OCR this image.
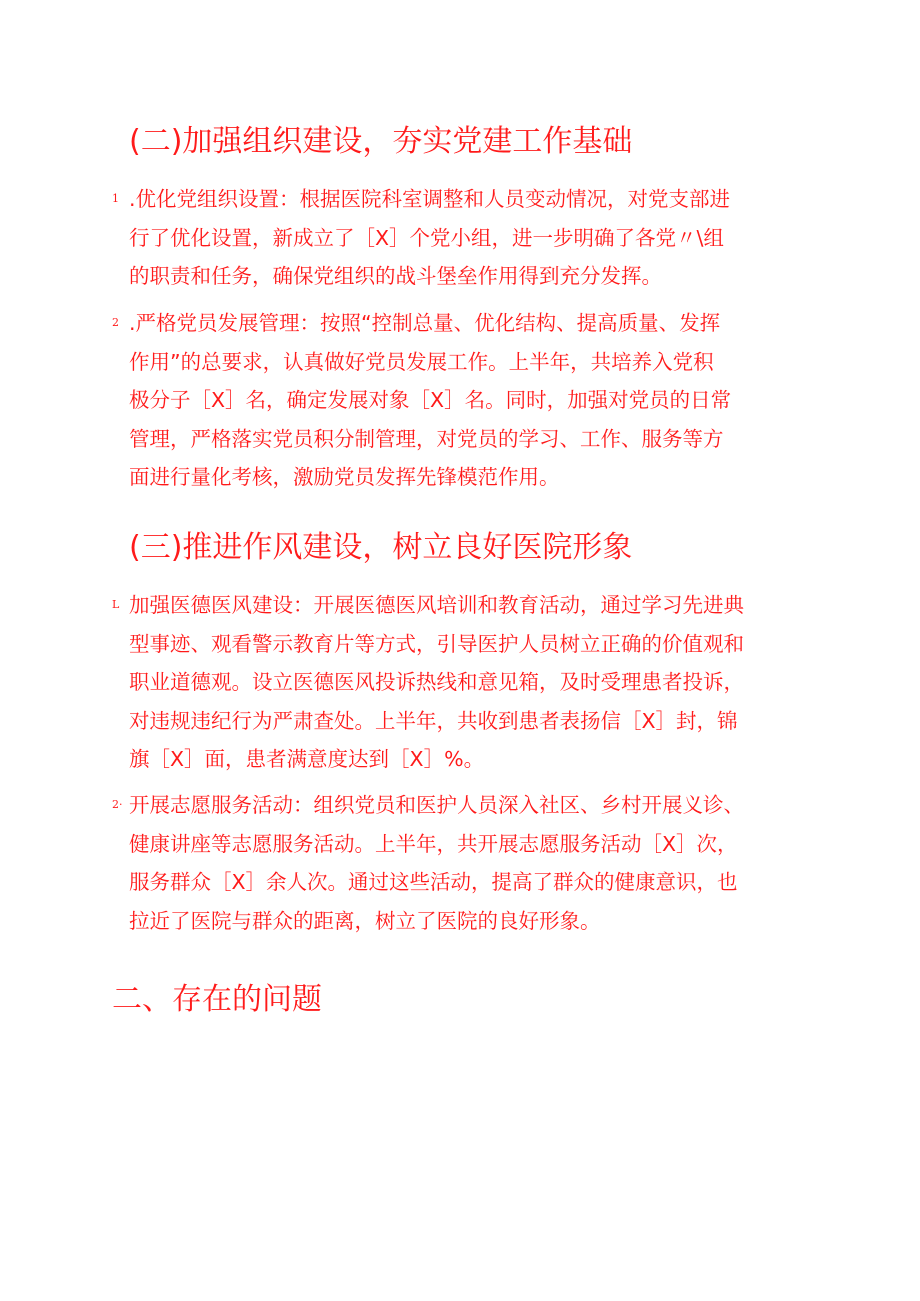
(二)加强组织建设，夯实党建工作基础

1 .优化党组织设置：根据医院科室调整和人员变动情况，对党支部进
行了优化设置，新成立了［X］个党小组，进一步明确了各党〃\组
的职责和任务，确保党组织的战斗堡垒作用得到充分发挥。

2 .严格党员发展管理：按照“控制总量、优化结构、提高质量、发挥
作用”的总要求，认真做好党员发展工作。上半年，共培养入党积
极分子［X］名，确定发展对象［X］名。同时，加强对党员的日常
管理，严格落实党员积分制管理，对党员的学习、工作、服务等方
面进行量化考核，激励党员发挥先锋模范作用。

(三)推进作风建设，树立良好医院形象

L 加强医德医风建设：开展医德医风培训和教育活动，通过学习先进典
型事迹、观看警示教育片等方式，引导医护人员树立正确的价值观和
职业道德观。设立医德医风投诉热线和意见箱，及时受理患者投诉，
对违规违纪行为严肃查处。上半年，共收到患者表扬信［X］封，锦
旗［X］面，患者满意度达到［X］%。

2· 开展志愿服务活动：组织党员和医护人员深入社区、乡村开展义诊、
健康讲座等志愿服务活动。上半年，共开展志愿服务活动［X］次，
服务群众［X］余人次。通过这些活动，提高了群众的健康意识，也
拉近了医院与群众的距离，树立了医院的良好形象。

二、存在的问题
